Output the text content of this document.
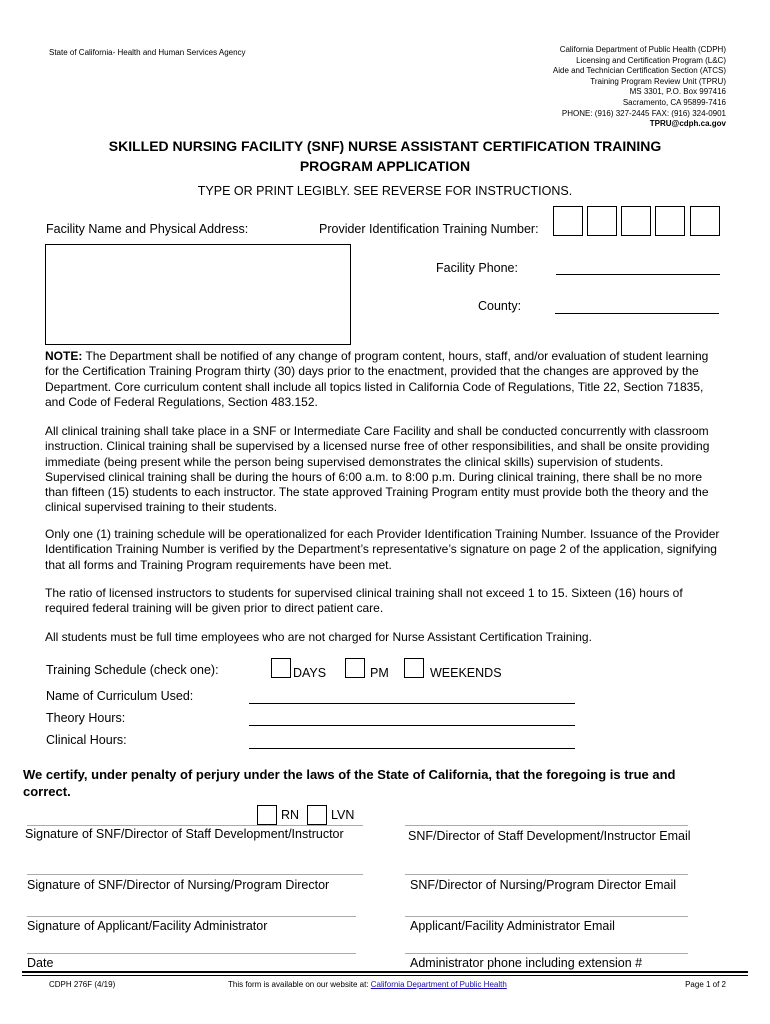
State of California- Health and Human Services Agency	California Department of Public Health (CDPH)
Licensing and Certification Program (L&C)
Aide and Technician Certification Section (ATCS)
Training Program Review Unit (TPRU)
MS 3301, P.O. Box 997416
Sacramento, CA 95899-7416
PHONE: (916) 327-2445 FAX: (916) 324-0901
TPRU@cdph.ca.gov
SKILLED NURSING FACILITY (SNF) NURSE ASSISTANT CERTIFICATION TRAINING
PROGRAM APPLICATION
TYPE OR PRINT LEGIBLY. SEE REVERSE FOR INSTRUCTIONS.
Facility Name and Physical Address:	Provider Identification Training Number:
Facility Phone:
County:
NOTE: The Department shall be notified of any change of program content, hours, staff, and/or evaluation of student learning for the Certification Training Program thirty (30) days prior to the enactment, provided that the changes are approved by the Department. Core curriculum content shall include all topics listed in California Code of Regulations, Title 22, Section 71835, and Code of Federal Regulations, Section 483.152.
All clinical training shall take place in a SNF or Intermediate Care Facility and shall be conducted concurrently with classroom instruction. Clinical training shall be supervised by a licensed nurse free of other responsibilities, and shall be onsite providing immediate (being present while the person being supervised demonstrates the clinical skills) supervision of students. Supervised clinical training shall be during the hours of 6:00 a.m. to 8:00 p.m. During clinical training, there shall be no more than fifteen (15) students to each instructor. The state approved Training Program entity must provide both the theory and the clinical supervised training to their students.
Only one (1) training schedule will be operationalized for each Provider Identification Training Number. Issuance of the Provider Identification Training Number is verified by the Department’s representative’s signature on page 2 of the application, signifying that all forms and Training Program requirements have been met.
The ratio of licensed instructors to students for supervised clinical training shall not exceed 1 to 15. Sixteen (16) hours of required federal training will be given prior to direct patient care.
All students must be full time employees who are not charged for Nurse Assistant Certification Training.
Training Schedule (check one):	DAYS	PM	WEEKENDS
Name of Curriculum Used:
Theory Hours:
Clinical Hours:
We certify, under penalty of perjury under the laws of the State of California, that the foregoing is true and correct.
RN	LVN
Signature of SNF/Director of Staff Development/Instructor	SNF/Director of Staff Development/Instructor Email
Signature of SNF/Director of Nursing/Program Director	SNF/Director of Nursing/Program Director Email
Signature of Applicant/Facility Administrator	Applicant/Facility Administrator Email
Date	Administrator phone including extension #
CDPH 276F (4/19)	This form is available on our website at: California Department of Public Health	Page 1 of 2
